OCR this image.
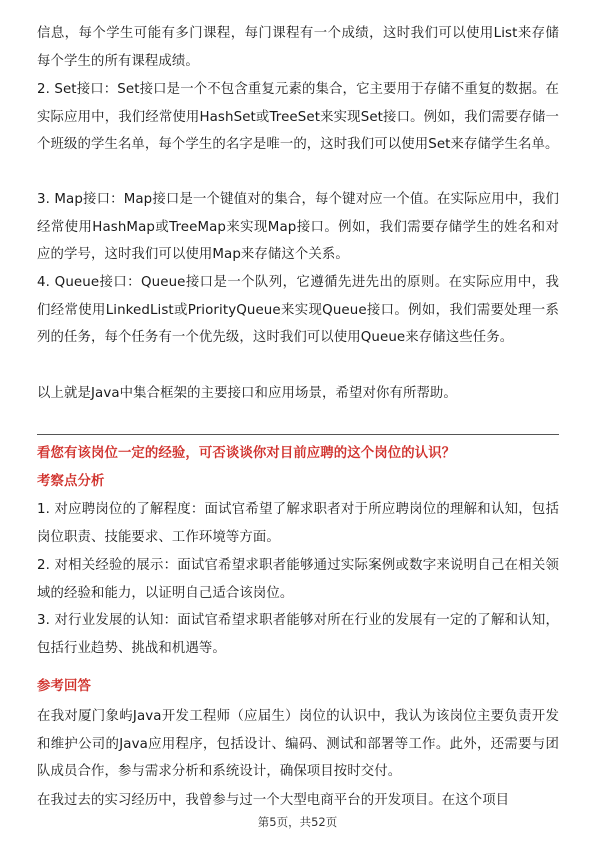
信息，每个学生可能有多门课程，每门课程有一个成绩，这时我们可以使用List来存储每个学生的所有课程成绩。

2. Set接口：Set接口是一个不包含重复元素的集合，它主要用于存储不重复的数据。在实际应用中，我们经常使用HashSet或TreeSet来实现Set接口。例如，我们需要存储一个班级的学生名单，每个学生的名字是唯一的，这时我们可以使用Set来存储学生名单。

3. Map接口：Map接口是一个键值对的集合，每个键对应一个值。在实际应用中，我们经常使用HashMap或TreeMap来实现Map接口。例如，我们需要存储学生的姓名和对应的学号，这时我们可以使用Map来存储这个关系。

4. Queue接口：Queue接口是一个队列，它遵循先进先出的原则。在实际应用中，我们经常使用LinkedList或PriorityQueue来实现Queue接口。例如，我们需要处理一系列的任务，每个任务有一个优先级，这时我们可以使用Queue来存储这些任务。

以上就是Java中集合框架的主要接口和应用场景，希望对你有所帮助。

看您有该岗位一定的经验，可否谈谈你对目前应聘的这个岗位的认识？

考察点分析

1. 对应聘岗位的了解程度：面试官希望了解求职者对于所应聘岗位的理解和认知，包括岗位职责、技能要求、工作环境等方面。

2. 对相关经验的展示：面试官希望求职者能够通过实际案例或数字来说明自己在相关领域的经验和能力，以证明自己适合该岗位。

3. 对行业发展的认知：面试官希望求职者能够对所在行业的发展有一定的了解和认知，包括行业趋势、挑战和机遇等。

参考回答

在我对厦门象屿Java开发工程师（应届生）岗位的认识中，我认为该岗位主要负责开发和维护公司的Java应用程序，包括设计、编码、测试和部署等工作。此外，还需要与团队成员合作，参与需求分析和系统设计，确保项目按时交付。

在我过去的实习经历中，我曾参与过一个大型电商平台的开发项目。在这个项目

第5页，共52页
